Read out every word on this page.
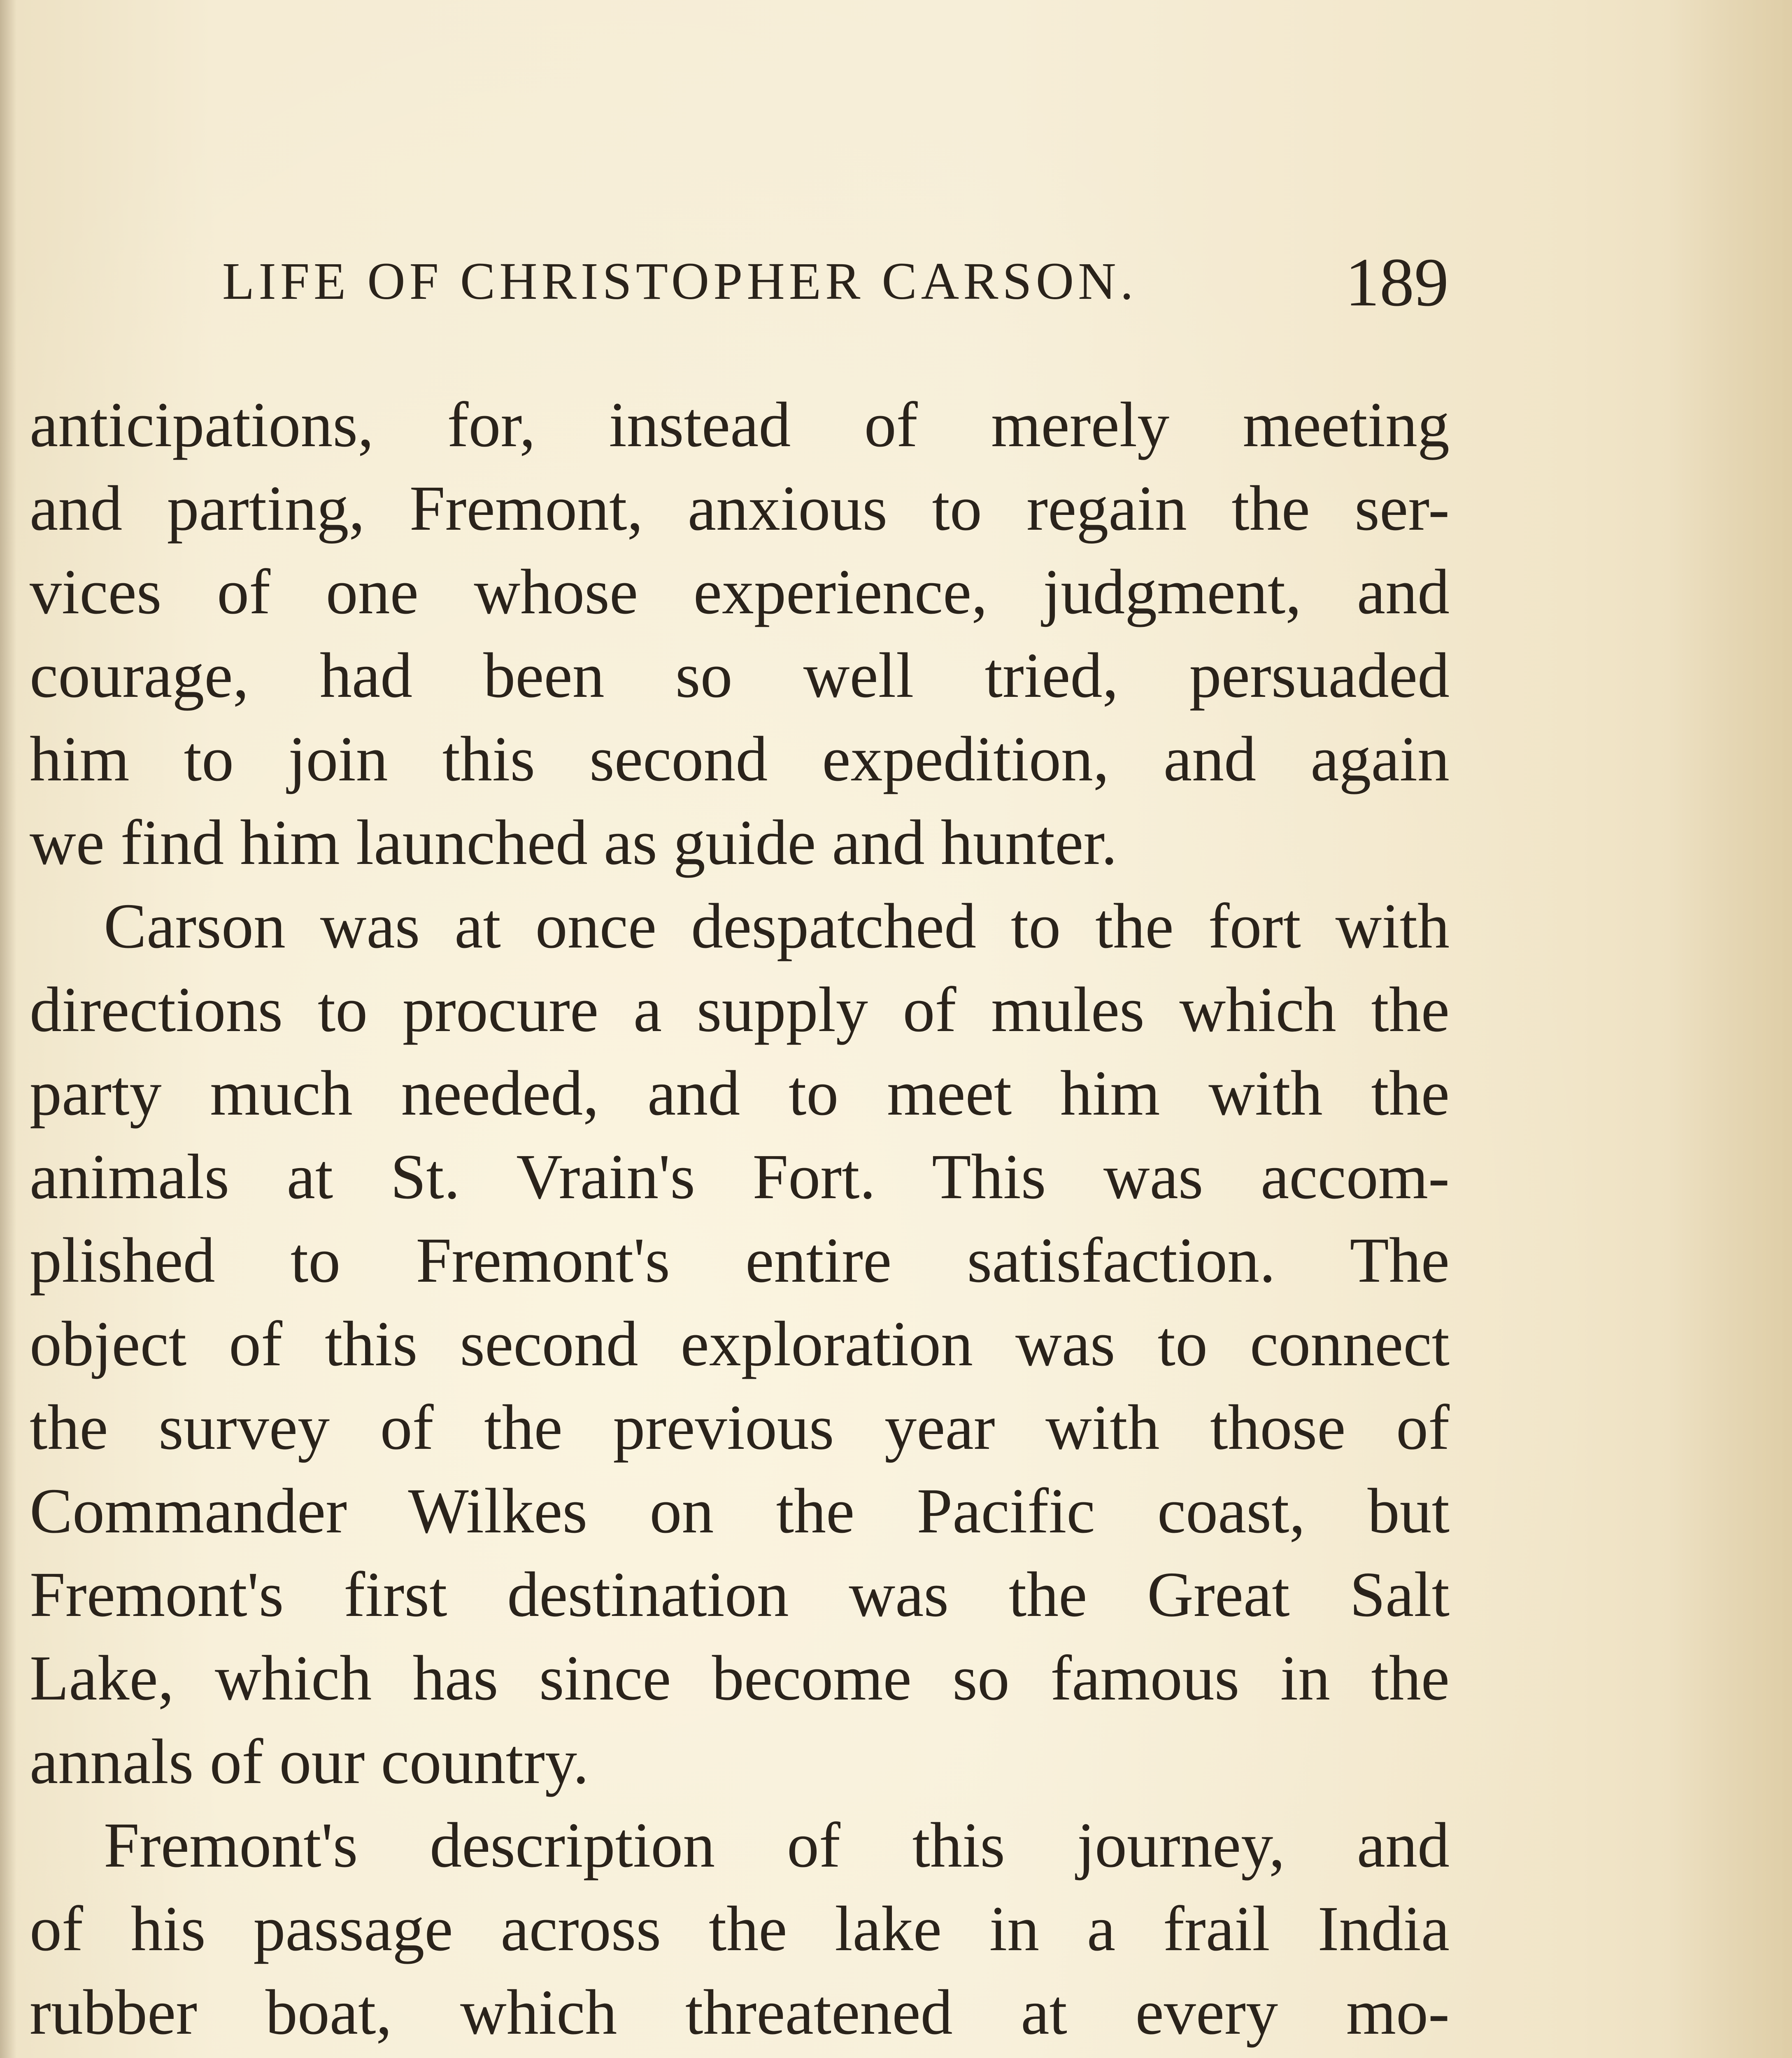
LIFE OF CHRISTOPHER CARSON.	189
anticipations, for, instead of merely meeting
and parting, Fremont, anxious to regain the ser-
vices of one whose experience, judgment, and
courage, had been so well tried, persuaded
him to join this second expedition, and again
we find him launched as guide and hunter.
Carson was at once despatched to the fort with
directions to procure a supply of mules which the
party much needed, and to meet him with the
animals at St. Vrain's Fort. This was accom-
plished to Fremont's entire satisfaction. The
object of this second exploration was to connect
the survey of the previous year with those of
Commander Wilkes on the Pacific coast, but
Fremont's first destination was the Great Salt
Lake, which has since become so famous in the
annals of our country.
Fremont's description of this journey, and
of his passage across the lake in a frail India
rubber boat, which threatened at every mo-
